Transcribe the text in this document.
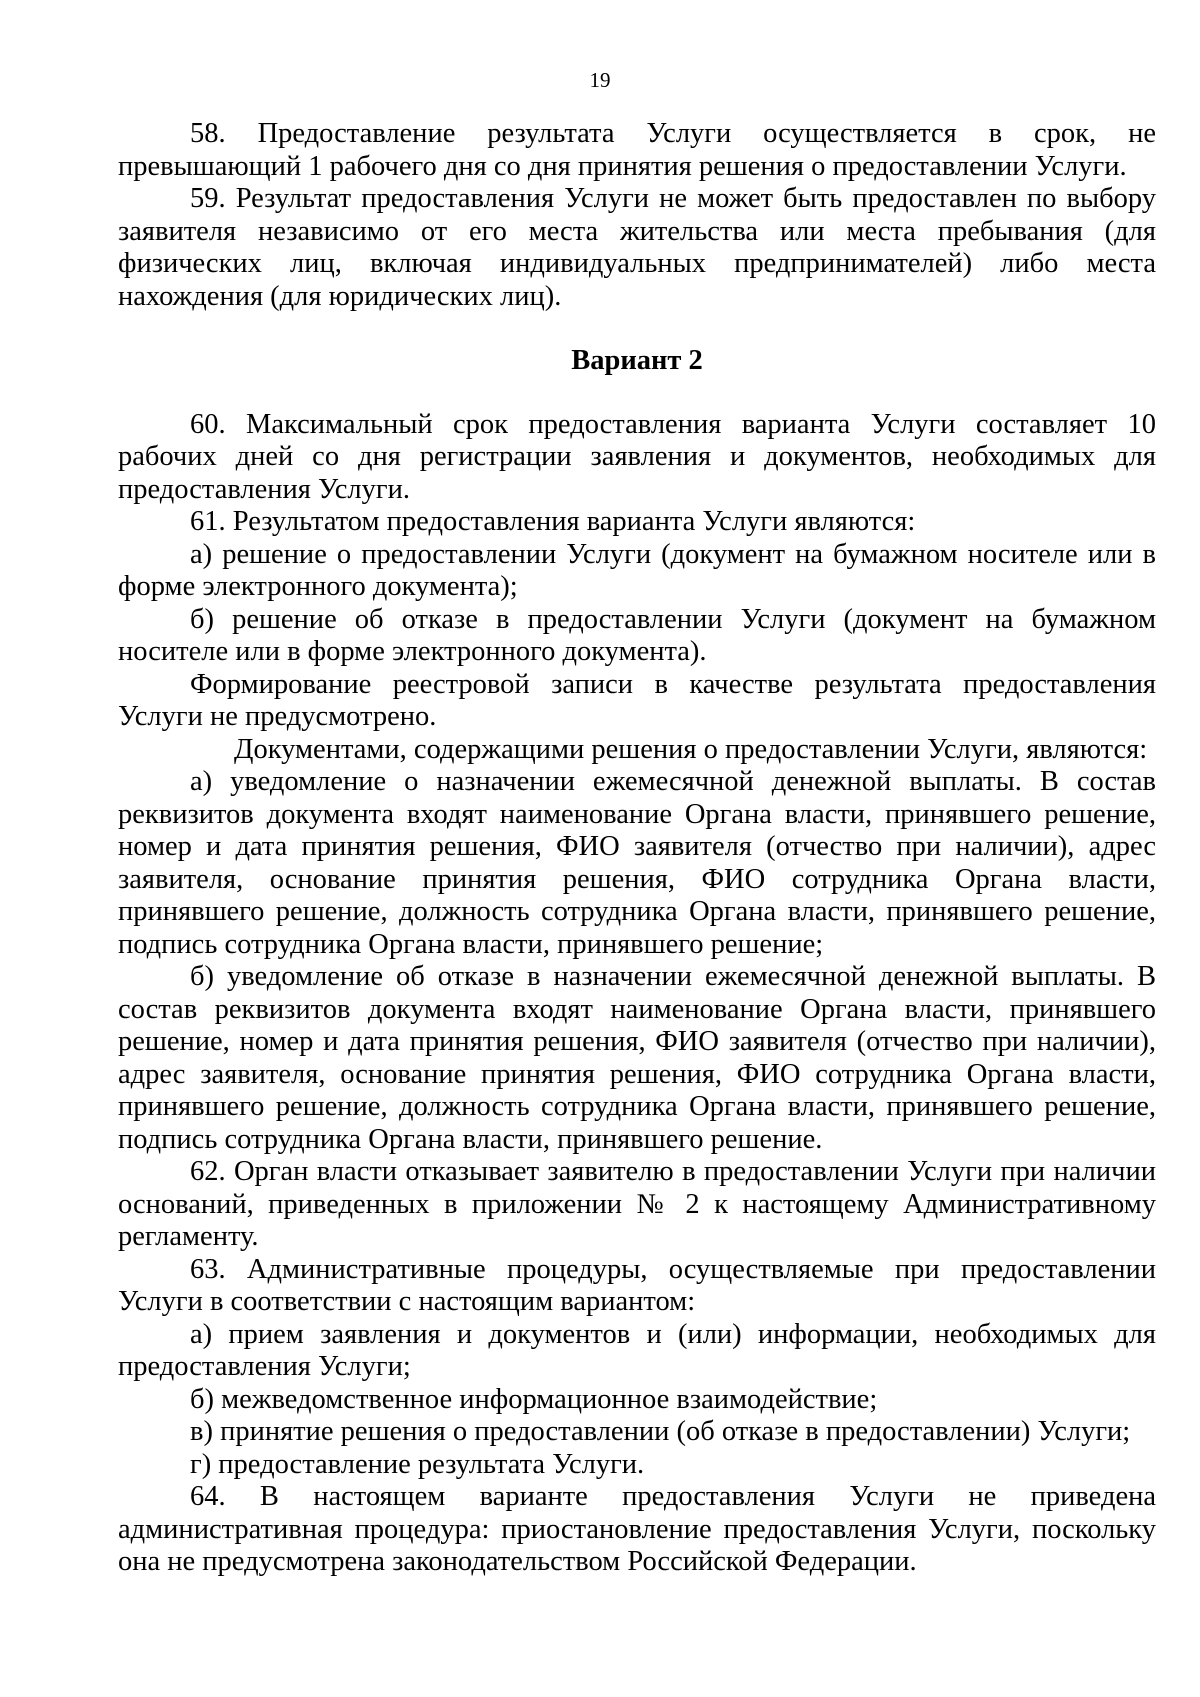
19

58. Предоставление результата Услуги осуществляется в срок, не превышающий 1 рабочего дня со дня принятия решения о предоставлении Услуги.

59. Результат предоставления Услуги не может быть предоставлен по выбору заявителя независимо от его места жительства или места пребывания (для физических лиц, включая индивидуальных предпринимателей) либо места нахождения (для юридических лиц).

Вариант 2

60. Максимальный срок предоставления варианта Услуги составляет 10 рабочих дней со дня регистрации заявления и документов, необходимых для предоставления Услуги.

61. Результатом предоставления варианта Услуги являются:

а) решение о предоставлении Услуги (документ на бумажном носителе или в форме электронного документа);

б) решение об отказе в предоставлении Услуги (документ на бумажном носителе или в форме электронного документа).

Формирование реестровой записи в качестве результата предоставления Услуги не предусмотрено.

Документами, содержащими решения о предоставлении Услуги, являются:

а) уведомление о назначении ежемесячной денежной выплаты. В состав реквизитов документа входят наименование Органа власти, принявшего решение, номер и дата принятия решения, ФИО заявителя (отчество при наличии), адрес заявителя, основание принятия решения, ФИО сотрудника Органа власти, принявшего решение, должность сотрудника Органа власти, принявшего решение, подпись сотрудника Органа власти, принявшего решение;

б) уведомление об отказе в назначении ежемесячной денежной выплаты. В состав реквизитов документа входят наименование Органа власти, принявшего решение, номер и дата принятия решения, ФИО заявителя (отчество при наличии), адрес заявителя, основание принятия решения, ФИО сотрудника Органа власти, принявшего решение, должность сотрудника Органа власти, принявшего решение, подпись сотрудника Органа власти, принявшего решение.

62. Орган власти отказывает заявителю в предоставлении Услуги при наличии оснований, приведенных в приложении № 2 к настоящему Административному регламенту.

63. Административные процедуры, осуществляемые при предоставлении Услуги в соответствии с настоящим вариантом:

а) прием заявления и документов и (или) информации, необходимых для предоставления Услуги;

б) межведомственное информационное взаимодействие;

в) принятие решения о предоставлении (об отказе в предоставлении) Услуги;

г) предоставление результата Услуги.

64. В настоящем варианте предоставления Услуги не приведена административная процедура: приостановление предоставления Услуги, поскольку она не предусмотрена законодательством Российской Федерации.
